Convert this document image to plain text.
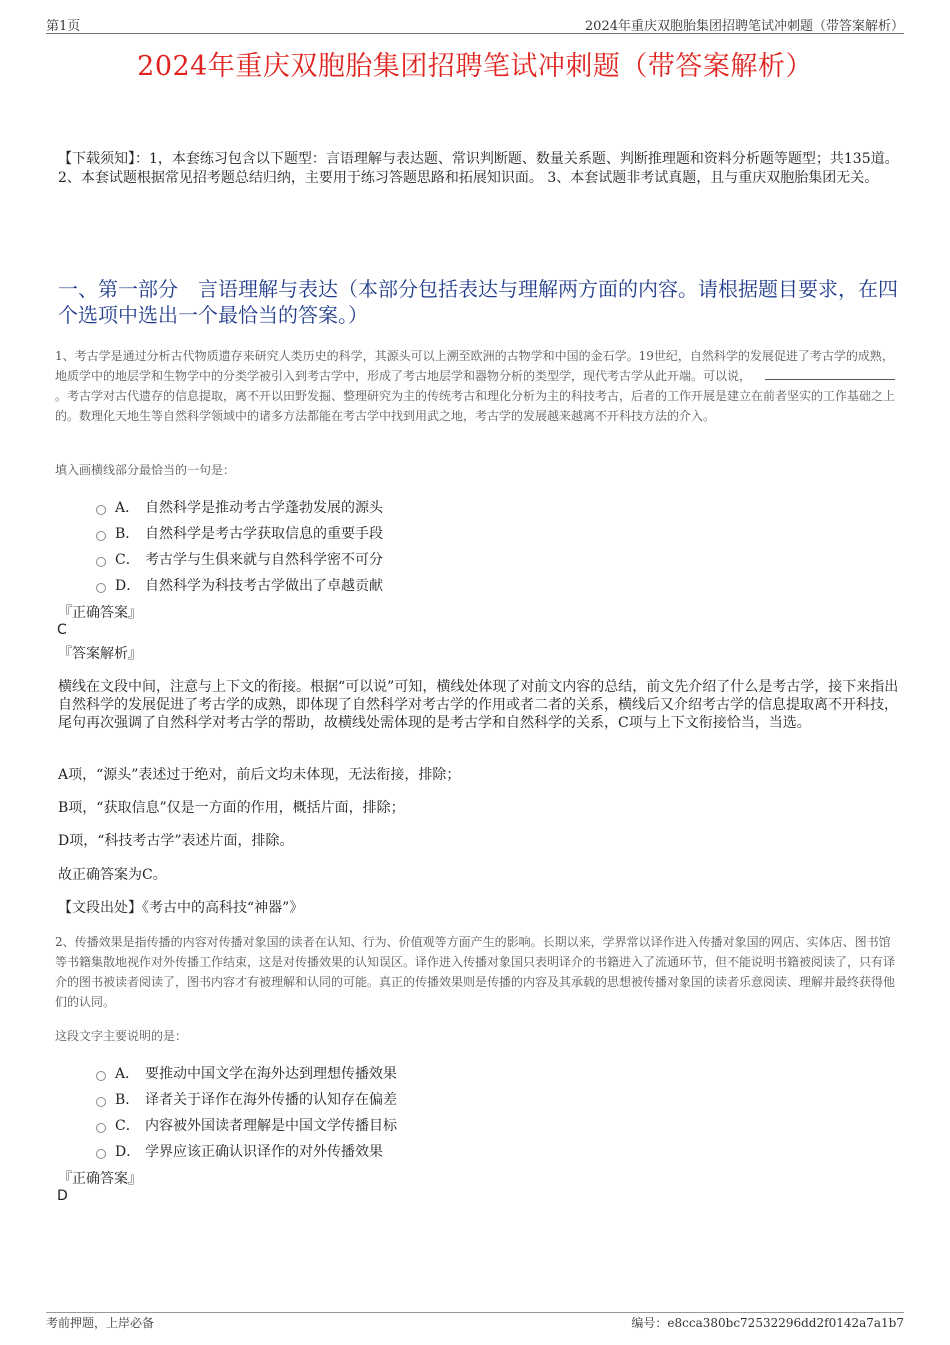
第1页	2024年重庆双胞胎集团招聘笔试冲刺题（带答案解析）
2024年重庆双胞胎集团招聘笔试冲刺题（带答案解析）
【下载须知】：1，本套练习包含以下题型：言语理解与表达题、常识判断题、数量关系题、判断推理题和资料分析题等题型；共135道。 2、本套试题根据常见招考题总结归纳，主要用于练习答题思路和拓展知识面。 3、本套试题非考试真题，且与重庆双胞胎集团无关。
一、第一部分　言语理解与表达（本部分包括表达与理解两方面的内容。请根据题目要求，在四个选项中选出一个最恰当的答案。）
1、考古学是通过分析古代物质遗存来研究人类历史的科学，其源头可以上溯至欧洲的古物学和中国的金石学。19世纪，自然科学的发展促进了考古学的成熟，地质学中的地层学和生物学中的分类学被引入到考古学中，形成了考古地层学和器物分析的类型学，现代考古学从此开端。可以说，。考古学对古代遗存的信息提取，离不开以田野发掘、整理研究为主的传统考古和理化分析为主的科技考古，后者的工作开展是建立在前者坚实的工作基础之上的。数理化天地生等自然科学领域中的诸多方法都能在考古学中找到用武之地，考古学的发展越来越离不开科技方法的介入。
填入画横线部分最恰当的一句是：
A． 自然科学是推动考古学蓬勃发展的源头
B． 自然科学是考古学获取信息的重要手段
C． 考古学与生俱来就与自然科学密不可分
D． 自然科学为科技考古学做出了卓越贡献
『正确答案』
C
『答案解析』
横线在文段中间，注意与上下文的衔接。根据“可以说”可知，横线处体现了对前文内容的总结，前文先介绍了什么是考古学，接下来指出自然科学的发展促进了考古学的成熟，即体现了自然科学对考古学的作用或者二者的关系，横线后又介绍考古学的信息提取离不开科技，尾句再次强调了自然科学对考古学的帮助，故横线处需体现的是考古学和自然科学的关系，C项与上下文衔接恰当，当选。
A项，“源头”表述过于绝对，前后文均未体现，无法衔接，排除；
B项，“获取信息”仅是一方面的作用，概括片面，排除；
D项，“科技考古学”表述片面，排除。
故正确答案为C。
【文段出处】《考古中的高科技“神器”》
2、传播效果是指传播的内容对传播对象国的读者在认知、行为、价值观等方面产生的影响。长期以来，学界常以译作进入传播对象国的网店、实体店、图书馆等书籍集散地视作对外传播工作结束，这是对传播效果的认知误区。译作进入传播对象国只表明译介的书籍进入了流通环节，但不能说明书籍被阅读了，只有译介的图书被读者阅读了，图书内容才有被理解和认同的可能。真正的传播效果则是传播的内容及其承载的思想被传播对象国的读者乐意阅读、理解并最终获得他们的认同。
这段文字主要说明的是：
A． 要推动中国文学在海外达到理想传播效果
B． 译者关于译作在海外传播的认知存在偏差
C． 内容被外国读者理解是中国文学传播目标
D． 学界应该正确认识译作的对外传播效果
『正确答案』
D
考前押题，上岸必备	编号：e8cca380bc72532296dd2f0142a7a1b7
